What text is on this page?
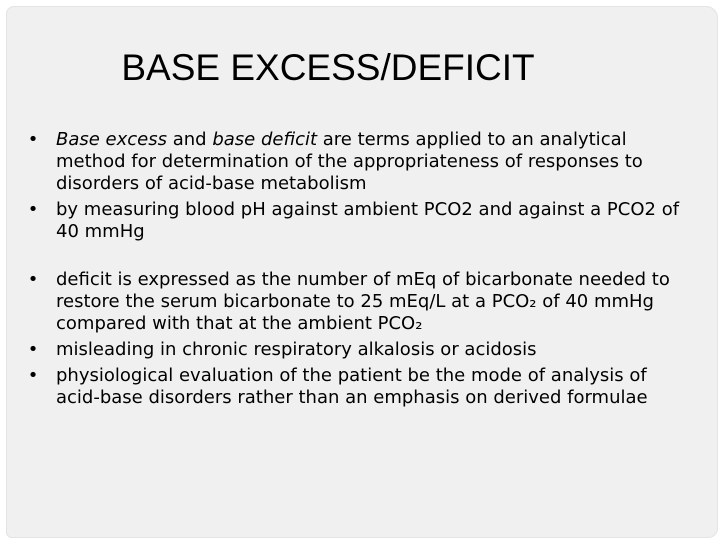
BASE EXCESS/DEFICIT
• Base excess and base deficit are terms applied to an analytical method for determination of the appropriateness of responses to disorders of acid-base metabolism
• by measuring blood pH against ambient PCO2 and against a PCO2 of 40 mmHg
• deficit is expressed as the number of mEq of bicarbonate needed to restore the serum bicarbonate to 25 mEq/L at a PCO₂ of 40 mmHg compared with that at the ambient PCO₂
• misleading in chronic respiratory alkalosis or acidosis
• physiological evaluation of the patient be the mode of analysis of acid-base disorders rather than an emphasis on derived formulae
